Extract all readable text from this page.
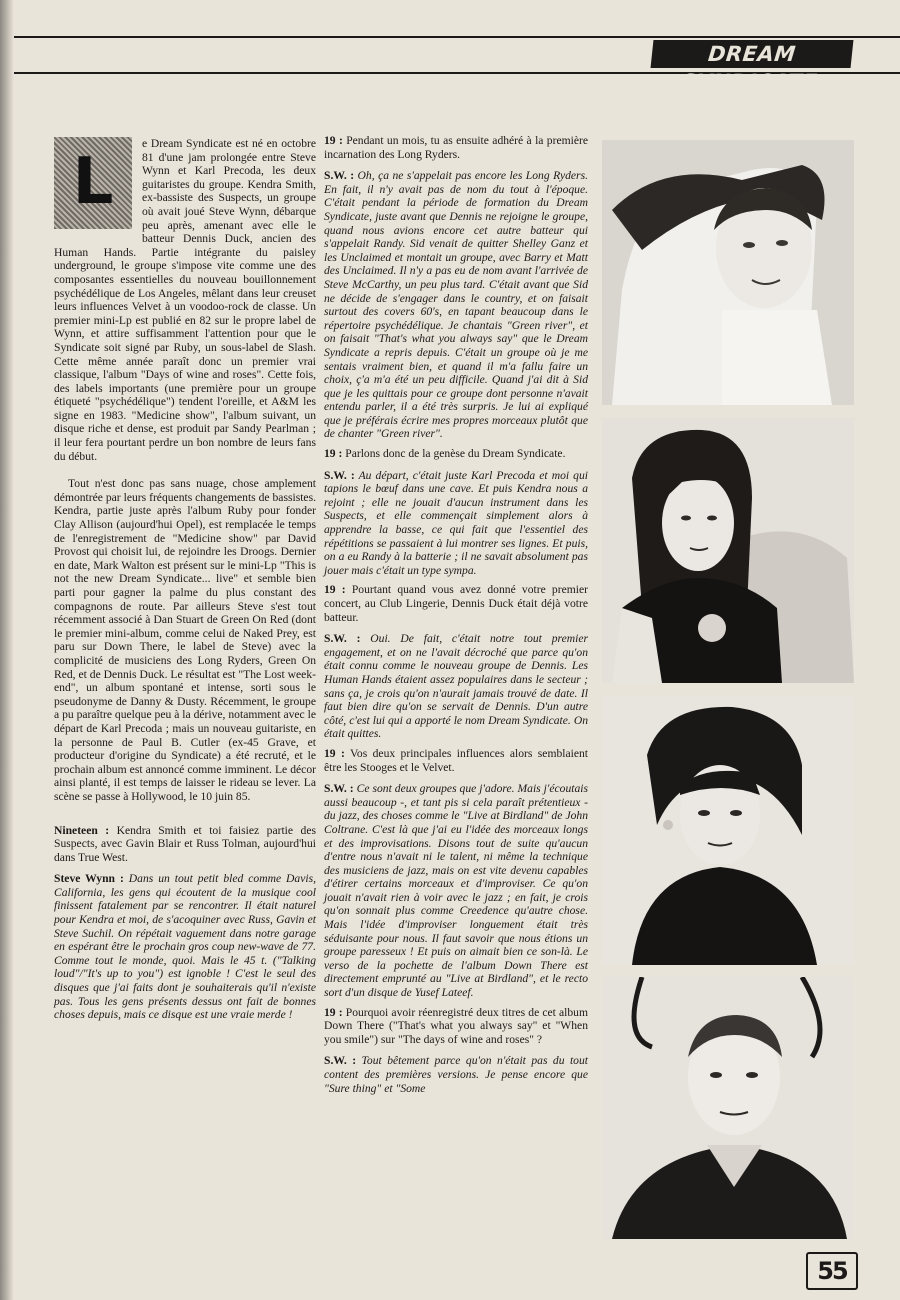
DREAM SYNDICATE

L
e Dream Syndicate est né en octobre 81 d'une jam prolongée entre Steve Wynn et Karl Precoda, les deux guitaristes du groupe. Kendra Smith, ex-bassiste des Suspects, un groupe où avait joué Steve Wynn, débarque peu après, amenant avec elle le batteur Dennis Duck, ancien des Human Hands. Partie intégrante du paisley underground, le groupe s'impose vite comme une des composantes essentielles du nouveau bouillonnement psychédélique de Los Angeles, mêlant dans leur creuset leurs influences Velvet à un voodoo-rock de classe. Un premier mini-Lp est publié en 82 sur le propre label de Wynn, et attire suffisamment l'attention pour que le Syndicate soit signé par Ruby, un sous-label de Slash. Cette même année paraît donc un premier vrai classique, l'album "Days of wine and roses". Cette fois, des labels importants (une première pour un groupe étiqueté "psychédélique") tendent l'oreille, et A&M les signe en 1983. "Medicine show", l'album suivant, un disque riche et dense, est produit par Sandy Pearlman ; il leur fera pourtant perdre un bon nombre de leurs fans du début.

Tout n'est donc pas sans nuage, chose amplement démontrée par leurs fréquents changements de bassistes. Kendra, partie juste après l'album Ruby pour fonder Clay Allison (aujourd'hui Opel), est remplacée le temps de l'enregistrement de "Medicine show" par David Provost qui choisit lui, de rejoindre les Droogs. Dernier en date, Mark Walton est présent sur le mini-Lp "This is not the new Dream Syndicate... live" et semble bien parti pour gagner la palme du plus constant des compagnons de route. Par ailleurs Steve s'est tout récemment associé à Dan Stuart de Green On Red (dont le premier mini-album, comme celui de Naked Prey, est paru sur Down There, le label de Steve) avec la complicité de musiciens des Long Ryders, Green On Red, et de Dennis Duck. Le résultat est "The Lost week-end", un album spontané et intense, sorti sous le pseudonyme de Danny & Dusty. Récemment, le groupe a pu paraître quelque peu à la dérive, notamment avec le départ de Karl Precoda ; mais un nouveau guitariste, en la personne de Paul B. Cutler (ex-45 Grave, et producteur d'origine du Syndicate) a été recruté, et le prochain album est annoncé comme imminent. Le décor ainsi planté, il est temps de laisser le rideau se lever. La scène se passe à Hollywood, le 10 juin 85.

Nineteen : Kendra Smith et toi faisiez partie des Suspects, avec Gavin Blair et Russ Tolman, aujourd'hui dans True West.

Steve Wynn : Dans un tout petit bled comme Davis, California, les gens qui écoutent de la musique cool finissent fatalement par se rencontrer. Il était naturel pour Kendra et moi, de s'acoquiner avec Russ, Gavin et Steve Suchil. On répétait vaguement dans notre garage en espérant être le prochain gros coup new-wave de 77. Comme tout le monde, quoi. Mais le 45 t. ("Talking loud"/"It's up to you") est ignoble ! C'est le seul des disques que j'ai faits dont je souhaiterais qu'il n'existe pas. Tous les gens présents dessus ont fait de bonnes choses depuis, mais ce disque est une vraie merde !

19 : Pendant un mois, tu as ensuite adhéré à la première incarnation des Long Ryders.

S.W. : Oh, ça ne s'appelait pas encore les Long Ryders. En fait, il n'y avait pas de nom du tout à l'époque. C'était pendant la période de formation du Dream Syndicate, juste avant que Dennis ne rejoigne le groupe, quand nous avions encore cet autre batteur qui s'appelait Randy. Sid venait de quitter Shelley Ganz et les Unclaimed et montait un groupe, avec Barry et Matt des Unclaimed. Il n'y a pas eu de nom avant l'arrivée de Steve McCarthy, un peu plus tard. C'était avant que Sid ne décide de s'engager dans le country, et on faisait surtout des covers 60's, en tapant beaucoup dans le répertoire psychédélique. Je chantais "Green river", et on faisait "That's what you always say" que le Dream Syndicate a repris depuis. C'était un groupe où je me sentais vraiment bien, et quand il m'a fallu faire un choix, ç'a m'a été un peu difficile. Quand j'ai dit à Sid que je les quittais pour ce groupe dont personne n'avait entendu parler, il a été très surpris. Je lui ai expliqué que je préférais écrire mes propres morceaux plutôt que de chanter "Green river".

19 : Parlons donc de la genèse du Dream Syndicate.

S.W. : Au départ, c'était juste Karl Precoda et moi qui tapions le bœuf dans une cave. Et puis Kendra nous a rejoint ; elle ne jouait d'aucun instrument dans les Suspects, et elle commençait simplement alors à apprendre la basse, ce qui fait que l'essentiel des répétitions se passaient à lui montrer ses lignes. Et puis, on a eu Randy à la batterie ; il ne savait absolument pas jouer mais c'était un type sympa.

19 : Pourtant quand vous avez donné votre premier concert, au Club Lingerie, Dennis Duck était déjà votre batteur.

S.W. : Oui. De fait, c'était notre tout premier engagement, et on ne l'avait décroché que parce qu'on était connu comme le nouveau groupe de Dennis. Les Human Hands étaient assez populaires dans le secteur ; sans ça, je crois qu'on n'aurait jamais trouvé de date. Il faut bien dire qu'on se servait de Dennis. D'un autre côté, c'est lui qui a apporté le nom Dream Syndicate. On était quittes.

19 : Vos deux principales influences alors semblaient être les Stooges et le Velvet.

S.W. : Ce sont deux groupes que j'adore. Mais j'écoutais aussi beaucoup -, et tant pis si cela paraît prétentieux - du jazz, des choses comme le "Live at Birdland" de John Coltrane. C'est là que j'ai eu l'idée des morceaux longs et des improvisations. Disons tout de suite qu'aucun d'entre nous n'avait ni le talent, ni même la technique des musiciens de jazz, mais on est vite devenu capables d'étirer certains morceaux et d'improviser. Ce qu'on jouait n'avait rien à voir avec le jazz ; en fait, je crois qu'on sonnait plus comme Creedence qu'autre chose. Mais l'idée d'improviser longuement était très séduisante pour nous. Il faut savoir que nous étions un groupe paresseux ! Et puis on aimait bien ce son-là. Le verso de la pochette de l'album Down There est directement emprunté au "Live at Birdland", et le recto sort d'un disque de Yusef Lateef.

19 : Pourquoi avoir réenregistré deux titres de cet album Down There ("That's what you always say" et "When you smile") sur "The days of wine and roses" ?

S.W. : Tout bêtement parce qu'on n'était pas du tout content des premières versions. Je pense encore que "Sure thing" et "Some

55
